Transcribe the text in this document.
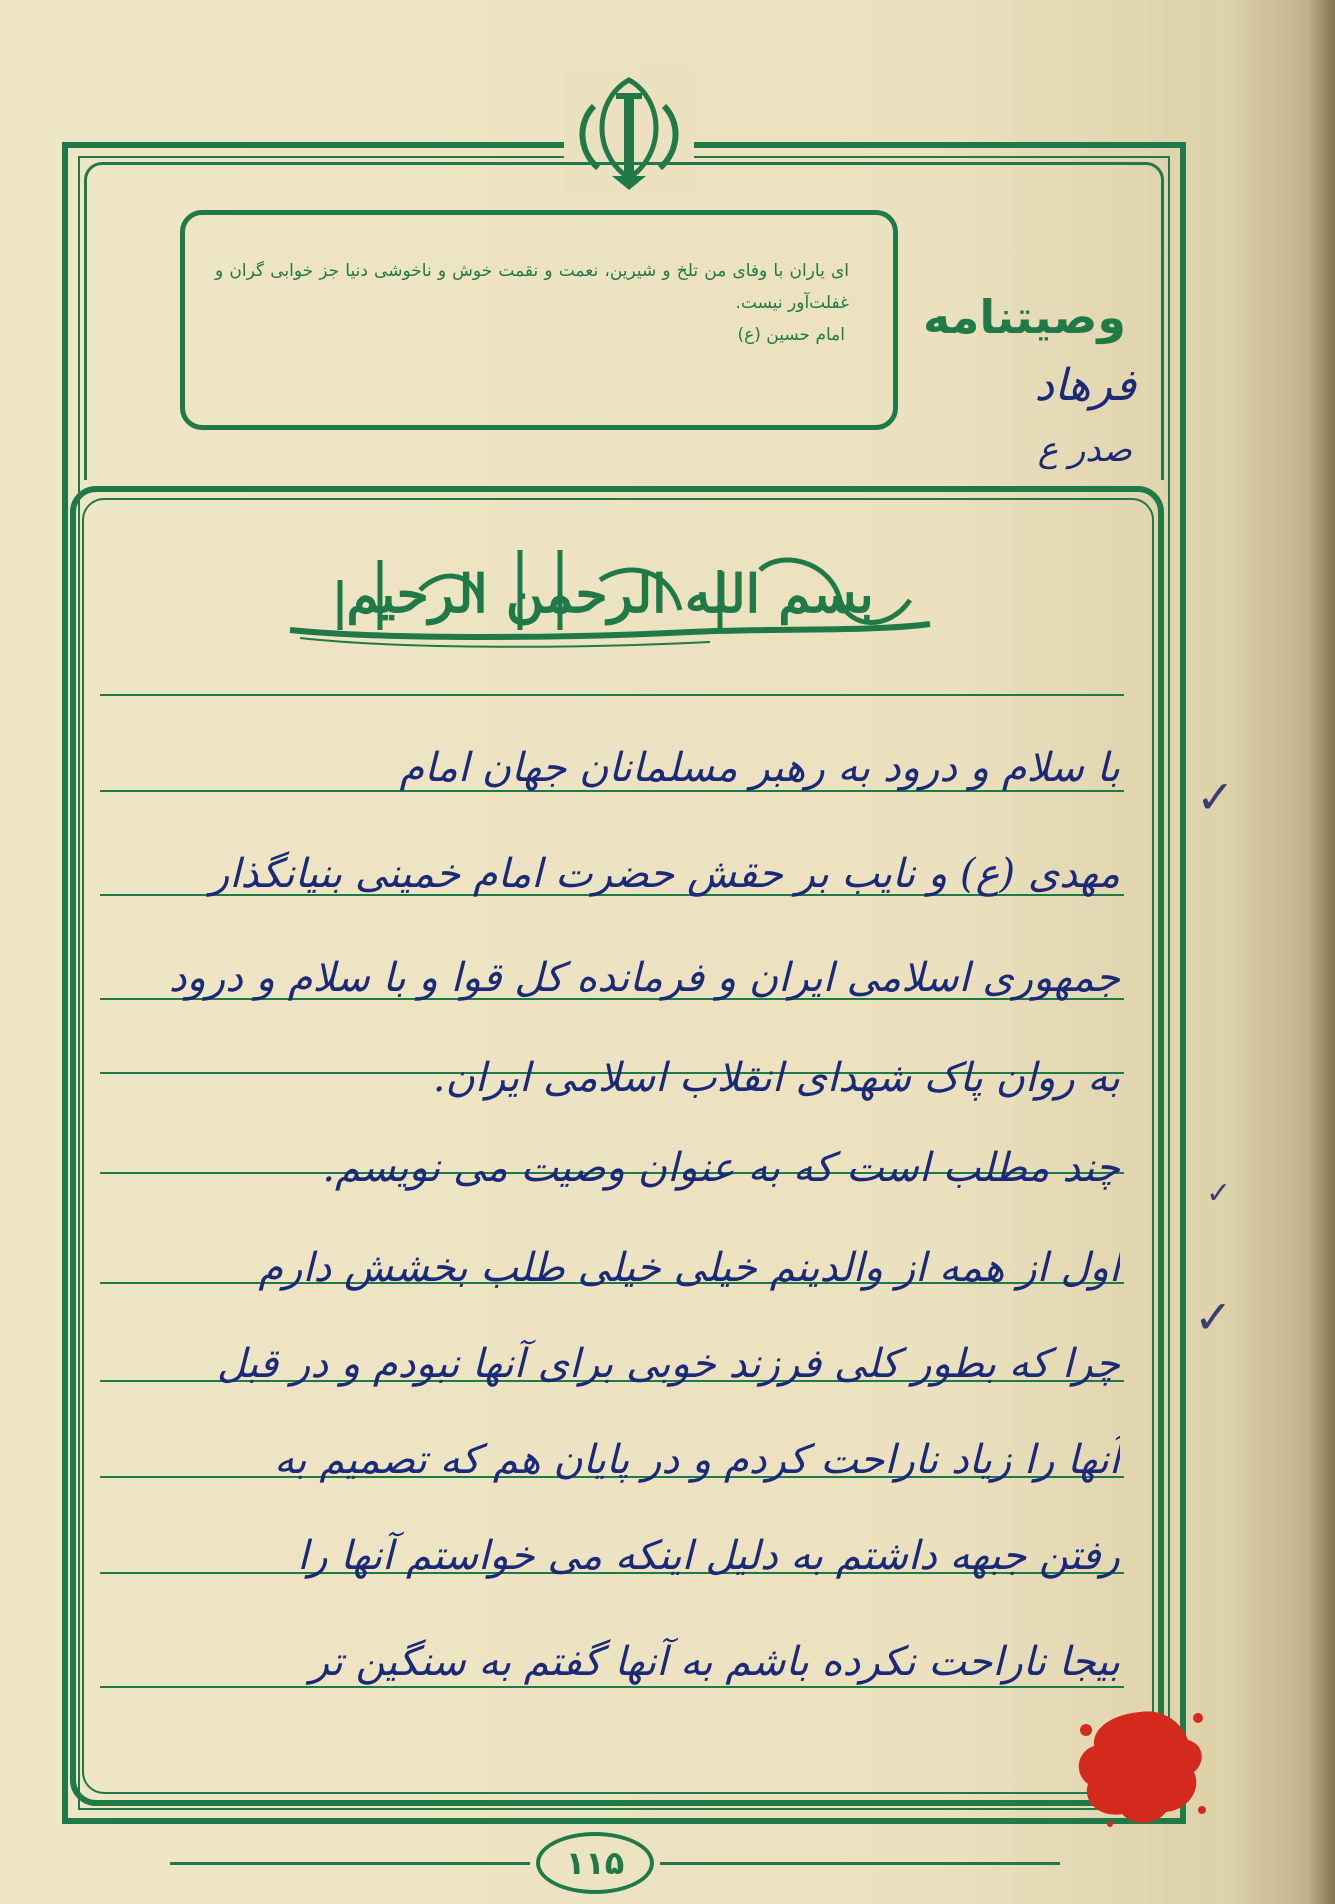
ای یاران با وفای من تلخ و شیرین، نعمت و نقمت خوش و ناخوشی دنیا جز خوابی گران و غفلت‌آور نیست.
امام حسین (ع) وصیتنامه
فرهاد
صدر ع
بسم الله الرحمن الرحیم
با سلام و درود به رهبر مسلمانان جهان امام
مهدی (ع) و نایب بر حقش حضرت امام خمینی بنیانگذار
جمهوری اسلامی ایران و فرمانده کل قوا و با سلام و درود
به روان پاک شهدای انقلاب اسلامی ایران.
چند مطلب است که به عنوان وصیت می نویسم.
اول از همه از والدینم خیلی خیلی طلب بخشش دارم
چرا که بطور کلی فرزند خوبی برای آنها نبودم و در قبل
آنها را زیاد ناراحت کردم و در پایان هم که تصمیم به
رفتن جبهه داشتم به دلیل اینکه می خواستم آنها را
بیجا ناراحت نکرده باشم به آنها گفتم به سنگین تر
✓
✓
✓
۱۱۵
